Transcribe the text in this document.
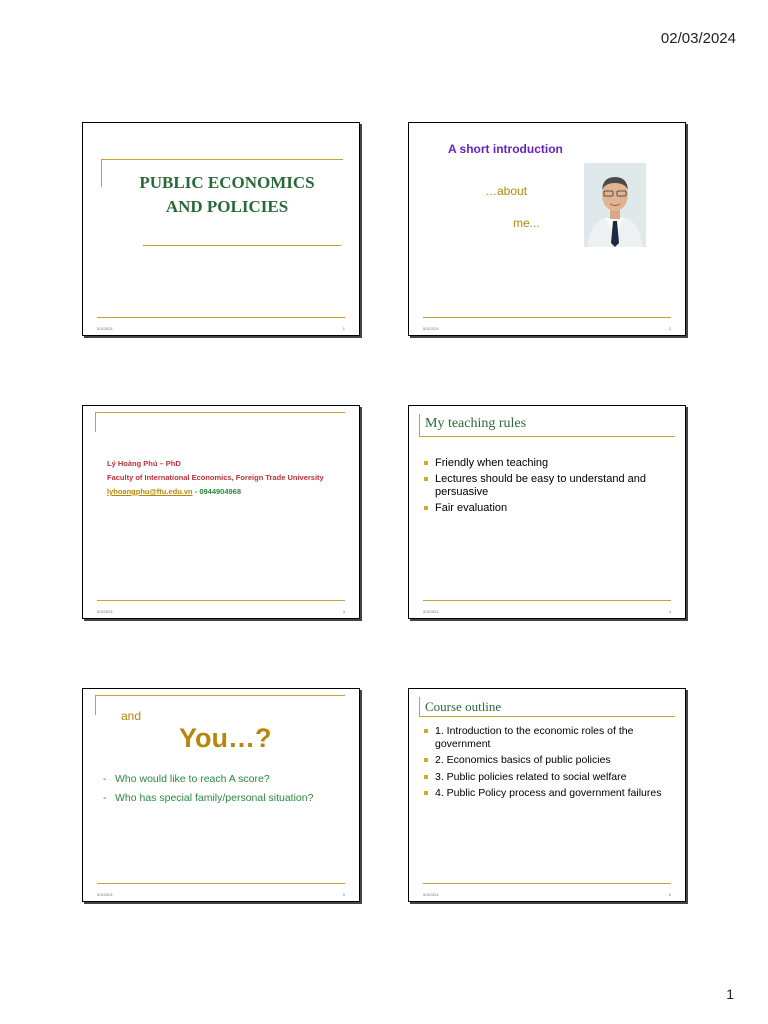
02/03/2024
PUBLIC ECONOMICS
AND POLICIES
5/3/2024	1
A short introduction
…about
me...
5/3/2024	2
Lý Hoàng Phú – PhD
Faculty of International Economics, Foreign Trade University
lyhoangphu@ftu.edu.vn - 0944904968
5/3/2024	3
My teaching rules
Friendly when teaching
Lectures should be easy to understand and persuasive
Fair evaluation
5/3/2024	4
and
You…?
- Who would like to reach A score?
- Who has special family/personal situation?
5/3/2024	5
Course outline
1. Introduction to the economic roles of the government
2. Economics basics of public policies
3. Public policies related to social welfare
4. Public Policy process and government failures
5/3/2024	6
1
